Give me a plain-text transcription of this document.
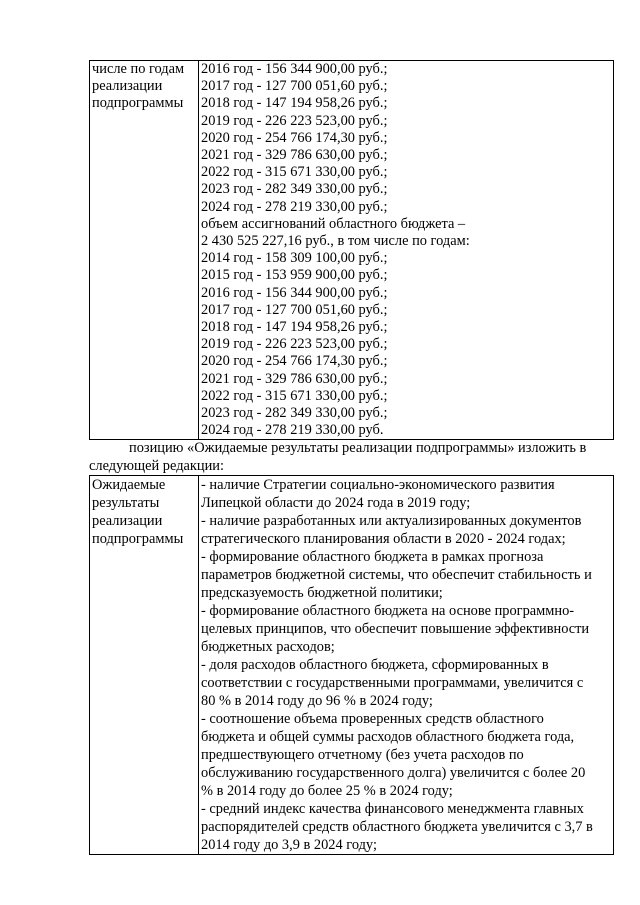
числе по годам
реализации
подпрограммы

2016 год - 156 344 900,00 руб.;
2017 год - 127 700 051,60 руб.;
2018 год - 147 194 958,26 руб.;
2019 год - 226 223 523,00 руб.;
2020 год - 254 766 174,30 руб.;
2021 год - 329 786 630,00 руб.;
2022 год - 315 671 330,00 руб.;
2023 год - 282 349 330,00 руб.;
2024 год - 278 219 330,00 руб.;
объем ассигнований областного бюджета –
2 430 525 227,16 руб., в том числе по годам:
2014 год - 158 309 100,00 руб.;
2015 год - 153 959 900,00 руб.;
2016 год - 156 344 900,00 руб.;
2017 год - 127 700 051,60 руб.;
2018 год - 147 194 958,26 руб.;
2019 год - 226 223 523,00 руб.;
2020 год - 254 766 174,30 руб.;
2021 год - 329 786 630,00 руб.;
2022 год - 315 671 330,00 руб.;
2023 год - 282 349 330,00 руб.;
2024 год - 278 219 330,00 руб.
позицию «Ожидаемые результаты реализации подпрограммы» изложить в
следующей редакции:
Ожидаемые
результаты
реализации
подпрограммы

- наличие Стратегии социально-экономического развития
Липецкой области до 2024 года в 2019 году;
- наличие разработанных или актуализированных документов
стратегического планирования области в 2020 - 2024 годах;
- формирование областного бюджета в рамках прогноза
параметров бюджетной системы, что обеспечит стабильность и
предсказуемость бюджетной политики;
- формирование областного бюджета на основе программно-
целевых принципов, что обеспечит повышение эффективности
бюджетных расходов;
- доля расходов областного бюджета, сформированных в
соответствии с государственными программами, увеличится с
80 % в 2014 году до 96 % в 2024 году;
- соотношение объема проверенных средств областного
бюджета и общей суммы расходов областного бюджета года,
предшествующего отчетному (без учета расходов по
обслуживанию государственного долга) увеличится с более 20
% в 2014 году до более 25 % в 2024 году;
- средний индекс качества финансового менеджмента главных
распорядителей средств областного бюджета увеличится с 3,7 в
2014 году до 3,9 в 2024 году;
